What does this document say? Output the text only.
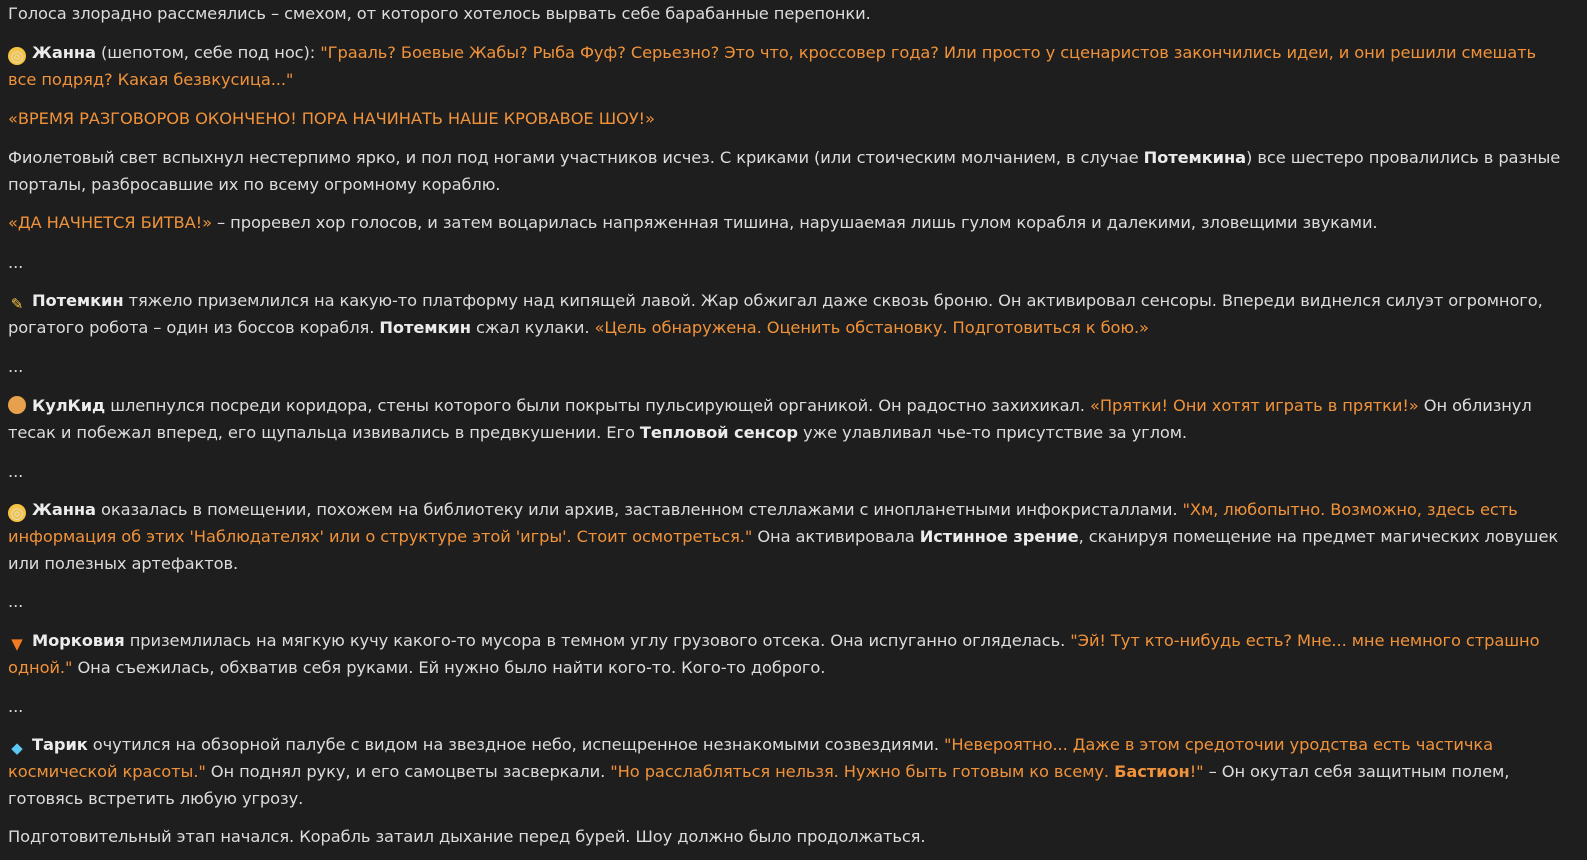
Голоса злорадно рассмеялись – смехом, от которого хотелось вырвать себе барабанные перепонки.

◎ Жанна (шепотом, себе под нос): "Грааль? Боевые Жабы? Рыба Фуф? Серьезно? Это что, кроссовер года? Или просто у сценаристов закончились идеи, и они решили смешать все подряд? Какая безвкусица..."

«ВРЕМЯ РАЗГОВОРОВ ОКОНЧЕНО! ПОРА НАЧИНАТЬ НАШЕ КРОВАВОЕ ШОУ!»

Фиолетовый свет вспыхнул нестерпимо ярко, и пол под ногами участников исчез. С криками (или стоическим молчанием, в случае Потемкина) все шестеро провалились в разные порталы, разбросавшие их по всему огромному кораблю.

«ДА НАЧНЕТСЯ БИТВА!» – проревел хор голосов, и затем воцарилась напряженная тишина, нарушаемая лишь гулом корабля и далекими, зловещими звуками.

...

✎ Потемкин тяжело приземлился на какую-то платформу над кипящей лавой. Жар обжигал даже сквозь броню. Он активировал сенсоры. Впереди виднелся силуэт огромного, рогатого робота – один из боссов корабля. Потемкин сжал кулаки. «Цель обнаружена. Оценить обстановку. Подготовиться к бою.»

...

КулКид шлепнулся посреди коридора, стены которого были покрыты пульсирующей органикой. Он радостно захихикал. «Прятки! Они хотят играть в прятки!» Он облизнул тесак и побежал вперед, его щупальца извивались в предвкушении. Его Тепловой сенсор уже улавливал чье-то присутствие за углом.

...

◎ Жанна оказалась в помещении, похожем на библиотеку или архив, заставленном стеллажами с инопланетными инфокристаллами. "Хм, любопытно. Возможно, здесь есть информация об этих 'Наблюдателях' или о структуре этой 'игры'. Стоит осмотреться." Она активировала Истинное зрение, сканируя помещение на предмет магических ловушек или полезных артефактов.

...

▼ Морковия приземлилась на мягкую кучу какого-то мусора в темном углу грузового отсека. Она испуганно огляделась. "Эй! Тут кто-нибудь есть? Мне... мне немного страшно одной." Она съежилась, обхватив себя руками. Ей нужно было найти кого-то. Кого-то доброго.

...

◆ Тарик очутился на обзорной палубе с видом на звездное небо, испещренное незнакомыми созвездиями. "Невероятно... Даже в этом средоточии уродства есть частичка космической красоты." Он поднял руку, и его самоцветы засверкали. "Но расслабляться нельзя. Нужно быть готовым ко всему. Бастион!" – Он окутал себя защитным полем, готовясь встретить любую угрозу.

Подготовительный этап начался. Корабль затаил дыхание перед бурей. Шоу должно было продолжаться.
